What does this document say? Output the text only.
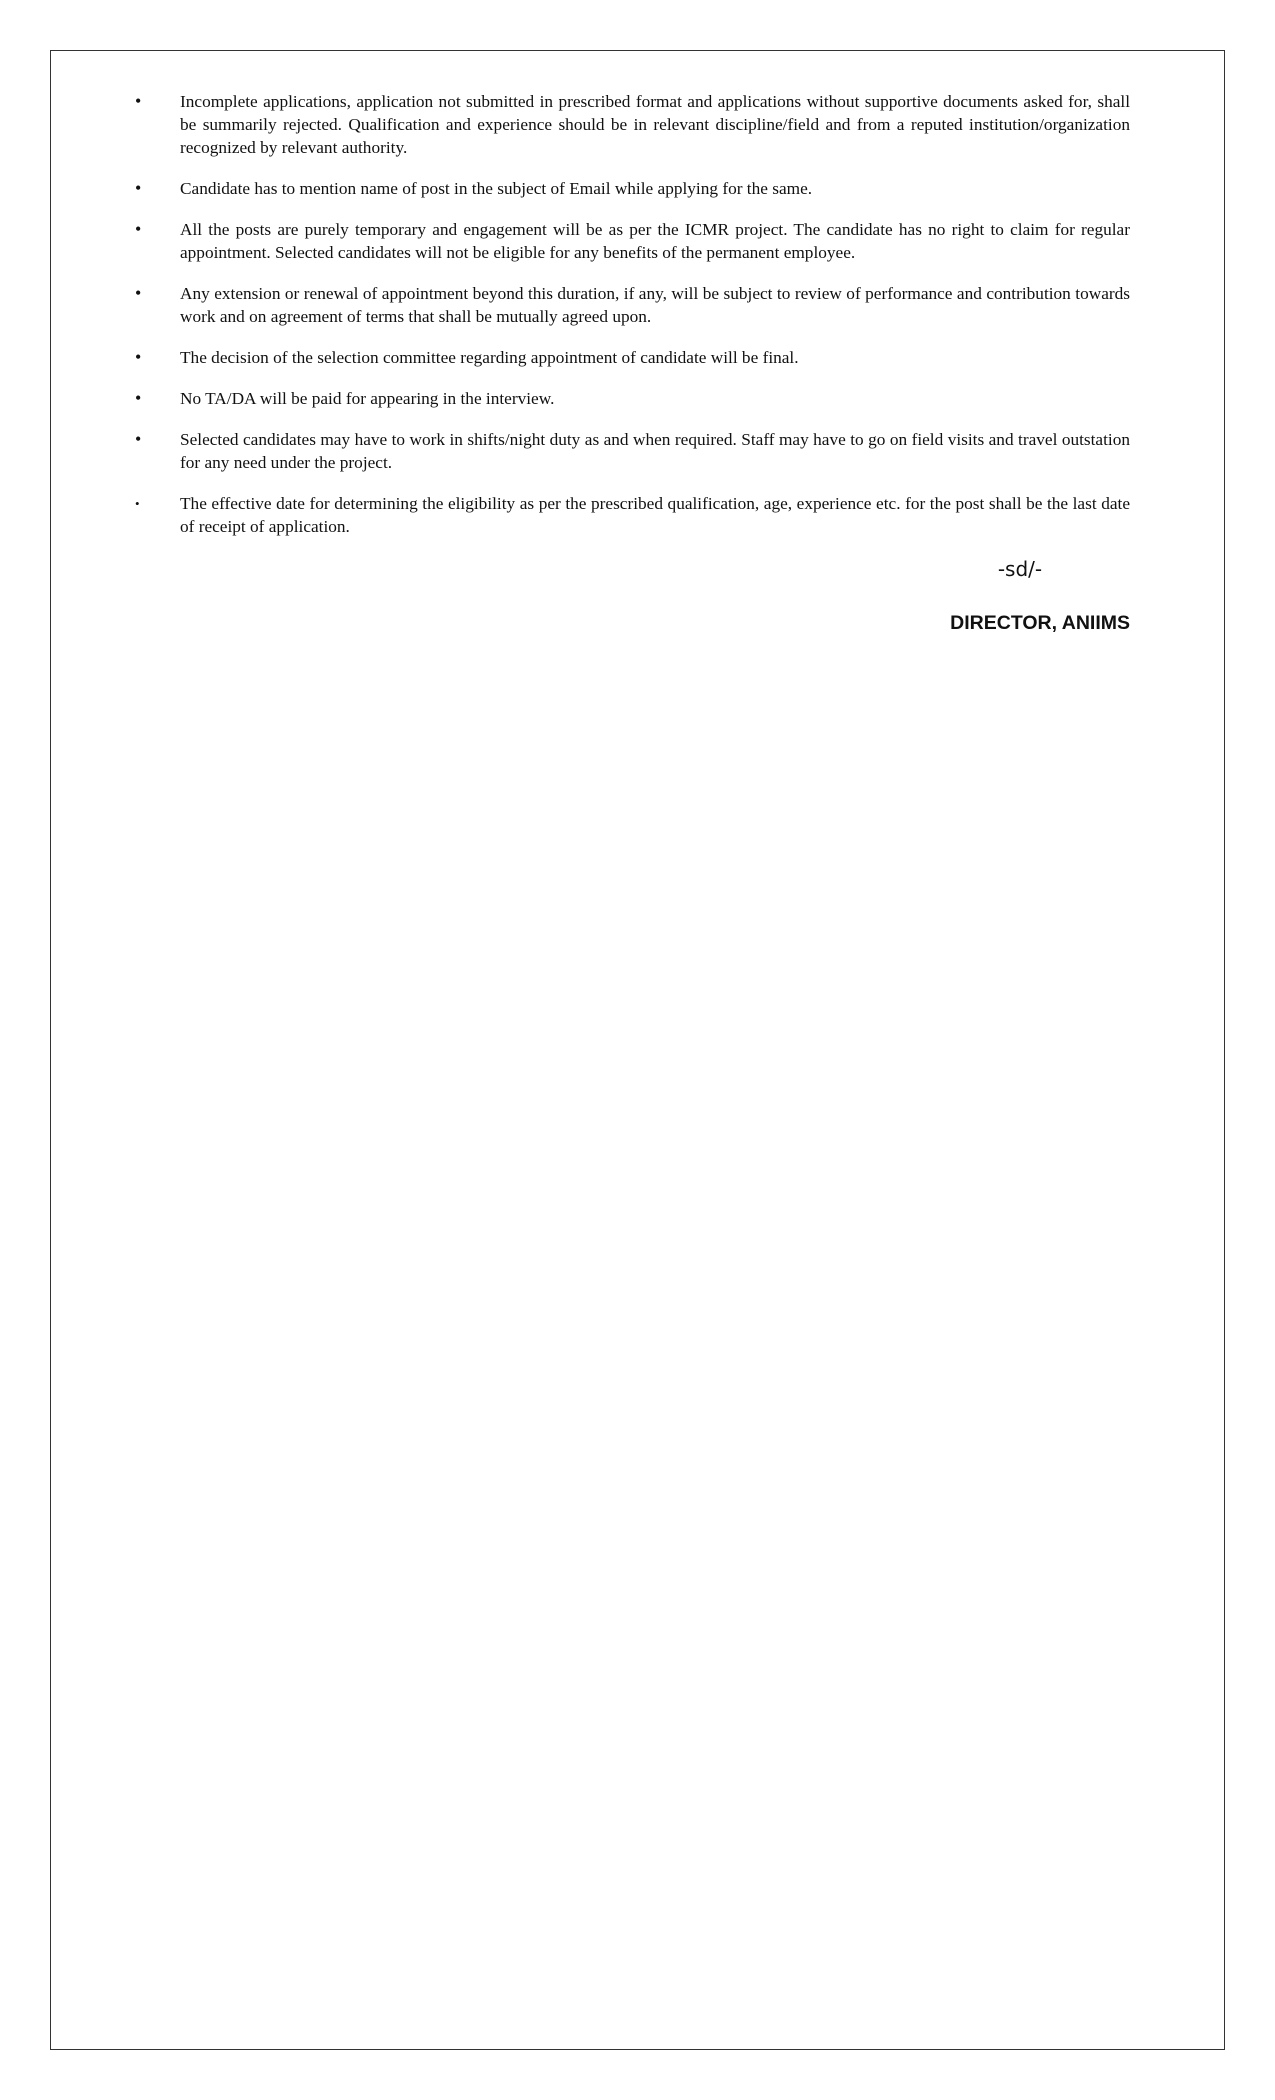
• Incomplete applications, application not submitted in prescribed format and applications without supportive documents asked for, shall be summarily rejected. Qualification and experience should be in relevant discipline/field and from a reputed institution/organization recognized by relevant authority.
• Candidate has to mention name of post in the subject of Email while applying for the same.
• All the posts are purely temporary and engagement will be as per the ICMR project. The candidate has no right to claim for regular appointment. Selected candidates will not be eligible for any benefits of the permanent employee.
• Any extension or renewal of appointment beyond this duration, if any, will be subject to review of performance and contribution towards work and on agreement of terms that shall be mutually agreed upon.
• The decision of the selection committee regarding appointment of candidate will be final.
• No TA/DA will be paid for appearing in the interview.
• Selected candidates may have to work in shifts/night duty as and when required. Staff may have to go on field visits and travel outstation for any need under the project.
• The effective date for determining the eligibility as per the prescribed qualification, age, experience etc. for the post shall be the last date of receipt of application.
-sd/-
DIRECTOR, ANIIMS
